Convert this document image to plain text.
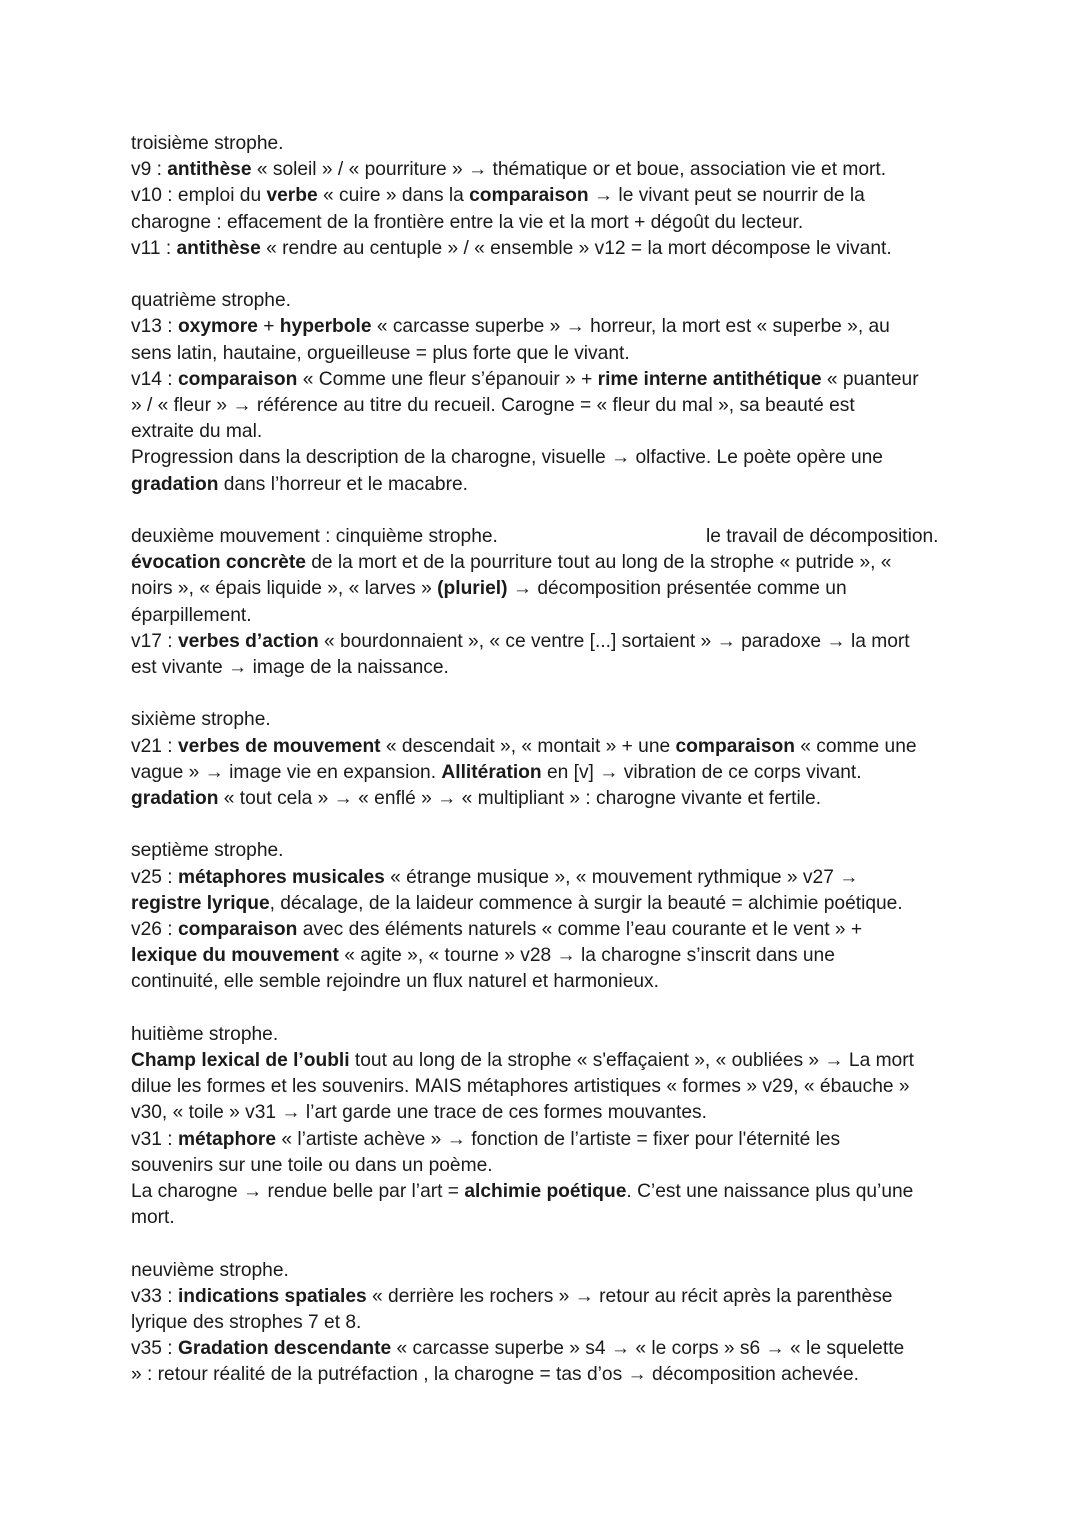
troisième strophe.
v9 : antithèse « soleil » / « pourriture » → thématique or et boue, association vie et mort.
v10 : emploi du verbe « cuire » dans la comparaison → le vivant peut se nourrir de la
charogne : effacement de la frontière entre la vie et la mort + dégoût du lecteur.
v11 : antithèse « rendre au centuple » / « ensemble » v12 = la mort décompose le vivant.
quatrième strophe.
v13 : oxymore + hyperbole « carcasse superbe » → horreur, la mort est « superbe », au
sens latin, hautaine, orgueilleuse = plus forte que le vivant.
v14 : comparaison « Comme une fleur s’épanouir » + rime interne antithétique « puanteur
» / « fleur » → référence au titre du recueil. Carogne = « fleur du mal », sa beauté est
extraite du mal.
Progression dans la description de la charogne, visuelle → olfactive. Le poète opère une
gradation dans l’horreur et le macabre.
deuxième mouvement : cinquième strophe.	le travail de décomposition.
évocation concrète de la mort et de la pourriture tout au long de la strophe « putride », «
noirs », « épais liquide », « larves » (pluriel) → décomposition présentée comme un
éparpillement.
v17 : verbes d’action « bourdonnaient », « ce ventre [...] sortaient » → paradoxe → la mort
est vivante → image de la naissance.
sixième strophe.
v21 : verbes de mouvement « descendait », « montait » + une comparaison « comme une
vague » → image vie en expansion. Allitération en [v] → vibration de ce corps vivant.
gradation « tout cela » → « enflé » → « multipliant » : charogne vivante et fertile.
septième strophe.
v25 : métaphores musicales « étrange musique », « mouvement rythmique » v27 →
registre lyrique, décalage, de la laideur commence à surgir la beauté = alchimie poétique.
v26 : comparaison avec des éléments naturels « comme l’eau courante et le vent » +
lexique du mouvement « agite », « tourne » v28 → la charogne s’inscrit dans une
continuité, elle semble rejoindre un flux naturel et harmonieux.
huitième strophe.
Champ lexical de l’oubli tout au long de la strophe « s'effaçaient », « oubliées » → La mort
dilue les formes et les souvenirs. MAIS métaphores artistiques « formes » v29, « ébauche »
v30, « toile » v31 → l’art garde une trace de ces formes mouvantes.
v31 : métaphore « l’artiste achève » → fonction de l’artiste = fixer pour l'éternité les
souvenirs sur une toile ou dans un poème.
La charogne → rendue belle par l’art = alchimie poétique. C’est une naissance plus qu’une
mort.
neuvième strophe.
v33 : indications spatiales « derrière les rochers » → retour au récit après la parenthèse
lyrique des strophes 7 et 8.
v35 : Gradation descendante « carcasse superbe » s4 → « le corps » s6 → « le squelette
» : retour réalité de la putréfaction , la charogne = tas d’os → décomposition achevée.
